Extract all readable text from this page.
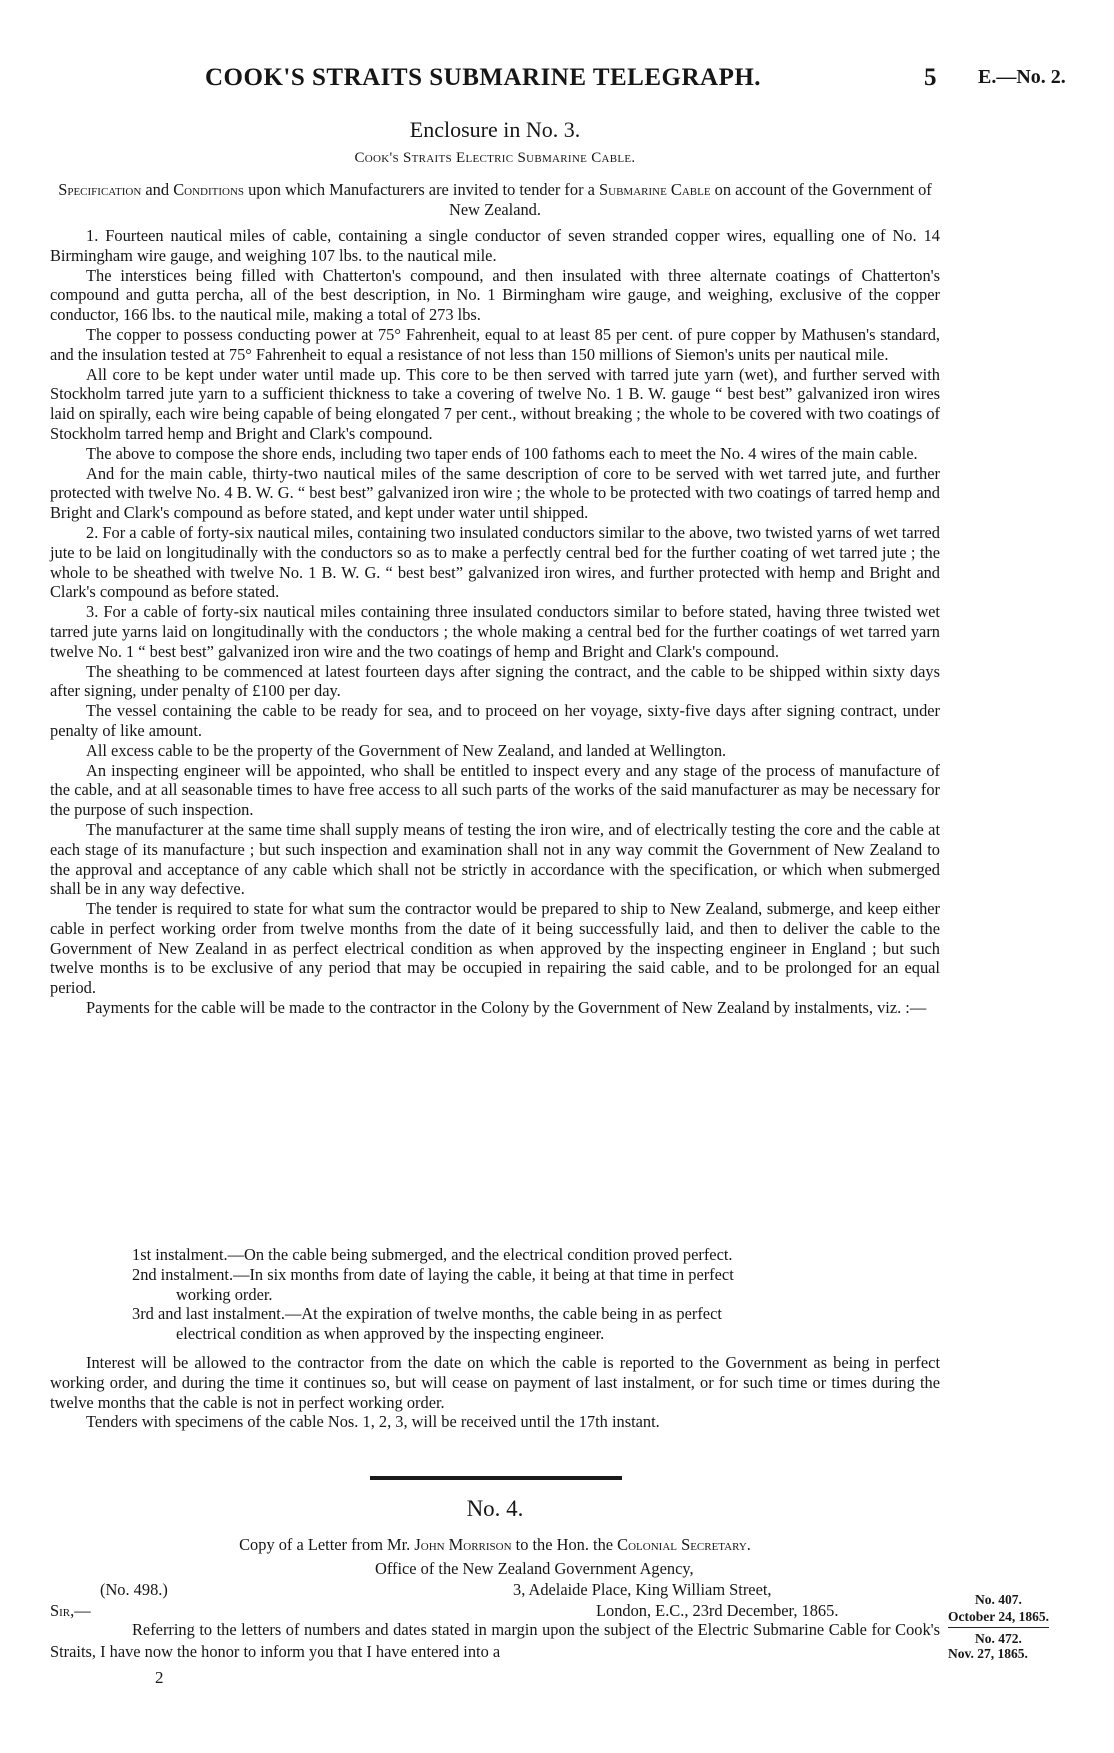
COOK'S STRAITS SUBMARINE TELEGRAPH.	5 E.—No. 2.
Enclosure in No. 3.
Cook's Straits Electric Submarine Cable.
Specification and Conditions upon which Manufacturers are invited to tender for a Submarine Cable on account of the Government of New Zealand.

1. Fourteen nautical miles of cable, containing a single conductor of seven stranded copper wires, equalling one of No. 14 Birmingham wire gauge, and weighing 107 lbs. to the nautical mile.

The interstices being filled with Chatterton's compound, and then insulated with three alternate coatings of Chatterton's compound and gutta percha, all of the best description, in No. 1 Birmingham wire gauge, and weighing, exclusive of the copper conductor, 166 lbs. to the nautical mile, making a total of 273 lbs.

The copper to possess conducting power at 75° Fahrenheit, equal to at least 85 per cent. of pure copper by Mathusen's standard, and the insulation tested at 75° Fahrenheit to equal a resistance of not less than 150 millions of Siemon's units per nautical mile.

All core to be kept under water until made up. This core to be then served with tarred jute yarn (wet), and further served with Stockholm tarred jute yarn to a sufficient thickness to take a covering of twelve No. 1 B. W. gauge “ best best” galvanized iron wires laid on spirally, each wire being capable of being elongated 7 per cent., without breaking ; the whole to be covered with two coatings of Stockholm tarred hemp and Bright and Clark's compound.

The above to compose the shore ends, including two taper ends of 100 fathoms each to meet the No. 4 wires of the main cable.

And for the main cable, thirty-two nautical miles of the same description of core to be served with wet tarred jute, and further protected with twelve No. 4 B. W. G. “ best best” galvanized iron wire ; the whole to be protected with two coatings of tarred hemp and Bright and Clark's compound as before stated, and kept under water until shipped.

2. For a cable of forty-six nautical miles, containing two insulated conductors similar to the above, two twisted yarns of wet tarred jute to be laid on longitudinally with the conductors so as to make a perfectly central bed for the further coating of wet tarred jute ; the whole to be sheathed with twelve No. 1 B. W. G. “ best best” galvanized iron wires, and further protected with hemp and Bright and Clark's compound as before stated.

3. For a cable of forty-six nautical miles containing three insulated conductors similar to before stated, having three twisted wet tarred jute yarns laid on longitudinally with the conductors ; the whole making a central bed for the further coatings of wet tarred yarn twelve No. 1 “ best best” galvanized iron wire and the two coatings of hemp and Bright and Clark's compound.

The sheathing to be commenced at latest fourteen days after signing the contract, and the cable to be shipped within sixty days after signing, under penalty of £100 per day.

The vessel containing the cable to be ready for sea, and to proceed on her voyage, sixty-five days after signing contract, under penalty of like amount.

All excess cable to be the property of the Government of New Zealand, and landed at Wellington.

An inspecting engineer will be appointed, who shall be entitled to inspect every and any stage of the process of manufacture of the cable, and at all seasonable times to have free access to all such parts of the works of the said manufacturer as may be necessary for the purpose of such inspection.

The manufacturer at the same time shall supply means of testing the iron wire, and of electrically testing the core and the cable at each stage of its manufacture ; but such inspection and examination shall not in any way commit the Government of New Zealand to the approval and acceptance of any cable which shall not be strictly in accordance with the specification, or which when submerged shall be in any way defective.

The tender is required to state for what sum the contractor would be prepared to ship to New Zealand, submerge, and keep either cable in perfect working order from twelve months from the date of it being successfully laid, and then to deliver the cable to the Government of New Zealand in as perfect electrical condition as when approved by the inspecting engineer in England ; but such twelve months is to be exclusive of any period that may be occupied in repairing the said cable, and to be prolonged for an equal period.

Payments for the cable will be made to the contractor in the Colony by the Government of New Zealand by instalments, viz. :—

1st instalment.—On the cable being submerged, and the electrical condition proved perfect.

2nd instalment.—In six months from date of laying the cable, it being at that time in perfect

working order.

3rd and last instalment.—At the expiration of twelve months, the cable being in as perfect

electrical condition as when approved by the inspecting engineer.

Interest will be allowed to the contractor from the date on which the cable is reported to the Government as being in perfect working order, and during the time it continues so, but will cease on payment of last instalment, or for such time or times during the twelve months that the cable is not in perfect working order.

Tenders with specimens of the cable Nos. 1, 2, 3, will be received until the 17th instant.

No. 4.
Copy of a Letter from Mr. John Morrison to the Hon. the Colonial Secretary.
Office of the New Zealand Government Agency,
3, Adelaide Place, King William Street,
London, E.C., 23rd December, 1865.
(No. 498.)
Sir,—
Referring to the letters of numbers and dates stated in margin upon the subject of the Electric Submarine Cable for Cook's Straits, I have now the honor to inform you that I have entered into a
2
No. 407.
October 24, 1865.
No. 472.
Nov. 27, 1865.
